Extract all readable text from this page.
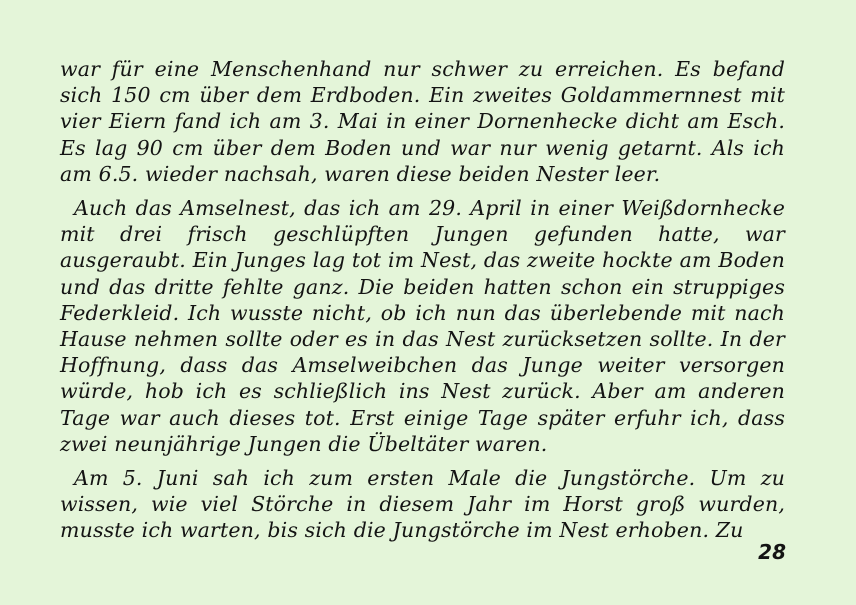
war für eine Menschenhand nur schwer zu erreichen. Es befand sich 150 cm über dem Erdboden. Ein zweites Goldammernnest mit vier Eiern fand ich am 3. Mai in einer Dornenhecke dicht am Esch. Es lag 90 cm über dem Boden und war nur wenig getarnt. Als ich am 6.5. wieder nachsah, waren diese beiden Nester leer.

Auch das Amselnest, das ich am 29. April in einer Weißdornhecke mit drei frisch geschlüpften Jungen gefunden hatte, war ausgeraubt. Ein Junges lag tot im Nest, das zweite hockte am Boden und das dritte fehlte ganz. Die beiden hatten schon ein struppiges Federkleid. Ich wusste nicht, ob ich nun das überlebende mit nach Hause nehmen sollte oder es in das Nest zurücksetzen sollte. In der Hoffnung, dass das Amselweibchen das Junge weiter versorgen würde, hob ich es schließlich ins Nest zurück. Aber am anderen Tage war auch dieses tot. Erst einige Tage später erfuhr ich, dass zwei neunjährige Jungen die Übeltäter waren.

Am 5. Juni sah ich zum ersten Male die Jungstörche. Um zu wissen, wie viel Störche in diesem Jahr im Horst groß wurden, musste ich warten, bis sich die Jungstörche im Nest erhoben. Zu

28
